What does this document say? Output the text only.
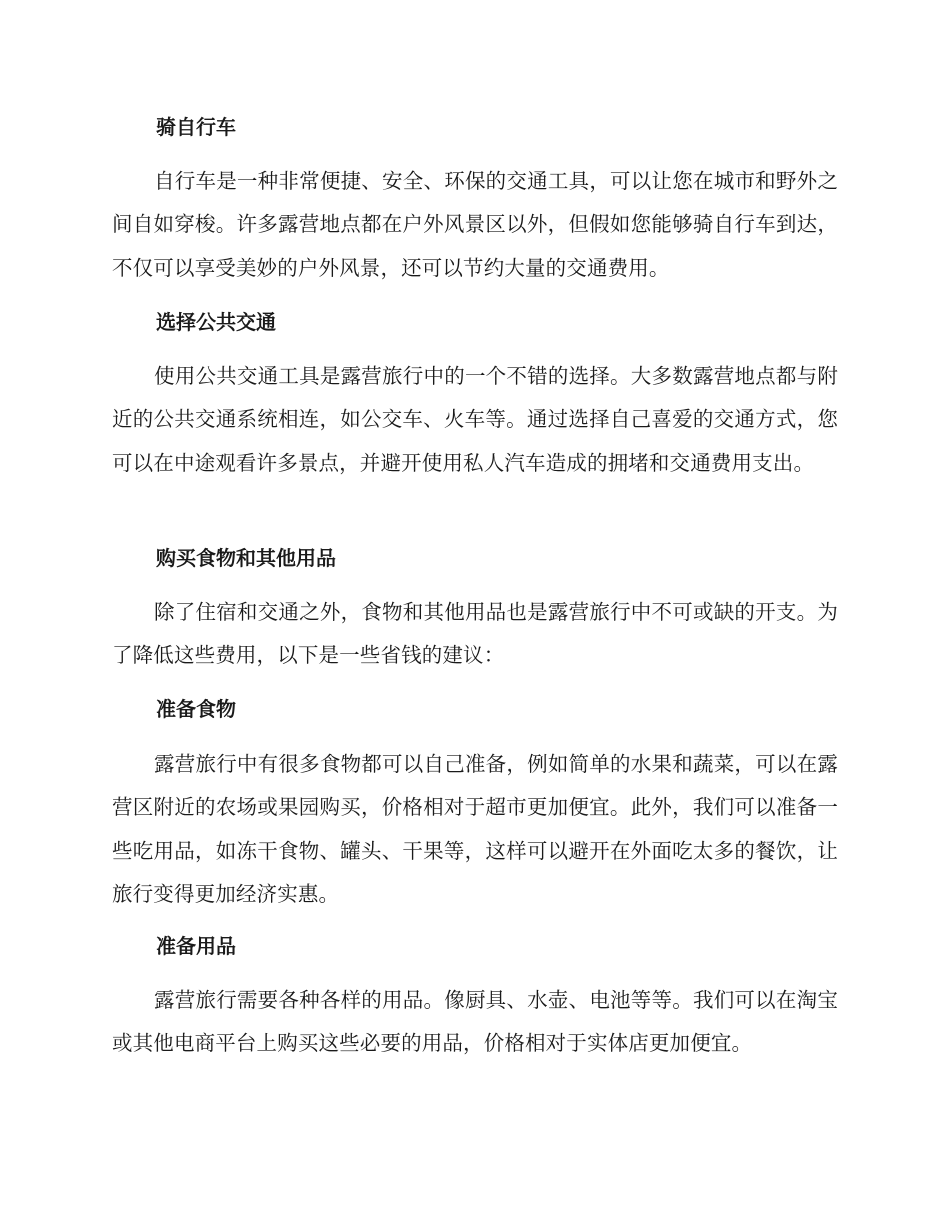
骑自行车

自行车是一种非常便捷、安全、环保的交通工具，可以让您在城市和野外之间自如穿梭。许多露营地点都在户外风景区以外，但假如您能够骑自行车到达，不仅可以享受美妙的户外风景，还可以节约大量的交通费用。

选择公共交通

使用公共交通工具是露营旅行中的一个不错的选择。大多数露营地点都与附近的公共交通系统相连，如公交车、火车等。通过选择自己喜爱的交通方式，您可以在中途观看许多景点，并避开使用私人汽车造成的拥堵和交通费用支出。

购买食物和其他用品

除了住宿和交通之外，食物和其他用品也是露营旅行中不可或缺的开支。为了降低这些费用，以下是一些省钱的建议：

准备食物

露营旅行中有很多食物都可以自己准备，例如简单的水果和蔬菜，可以在露营区附近的农场或果园购买，价格相对于超市更加便宜。此外，我们可以准备一些吃用品，如冻干食物、罐头、干果等，这样可以避开在外面吃太多的餐饮，让旅行变得更加经济实惠。

准备用品

露营旅行需要各种各样的用品。像厨具、水壶、电池等等。我们可以在淘宝或其他电商平台上购买这些必要的用品，价格相对于实体店更加便宜。
